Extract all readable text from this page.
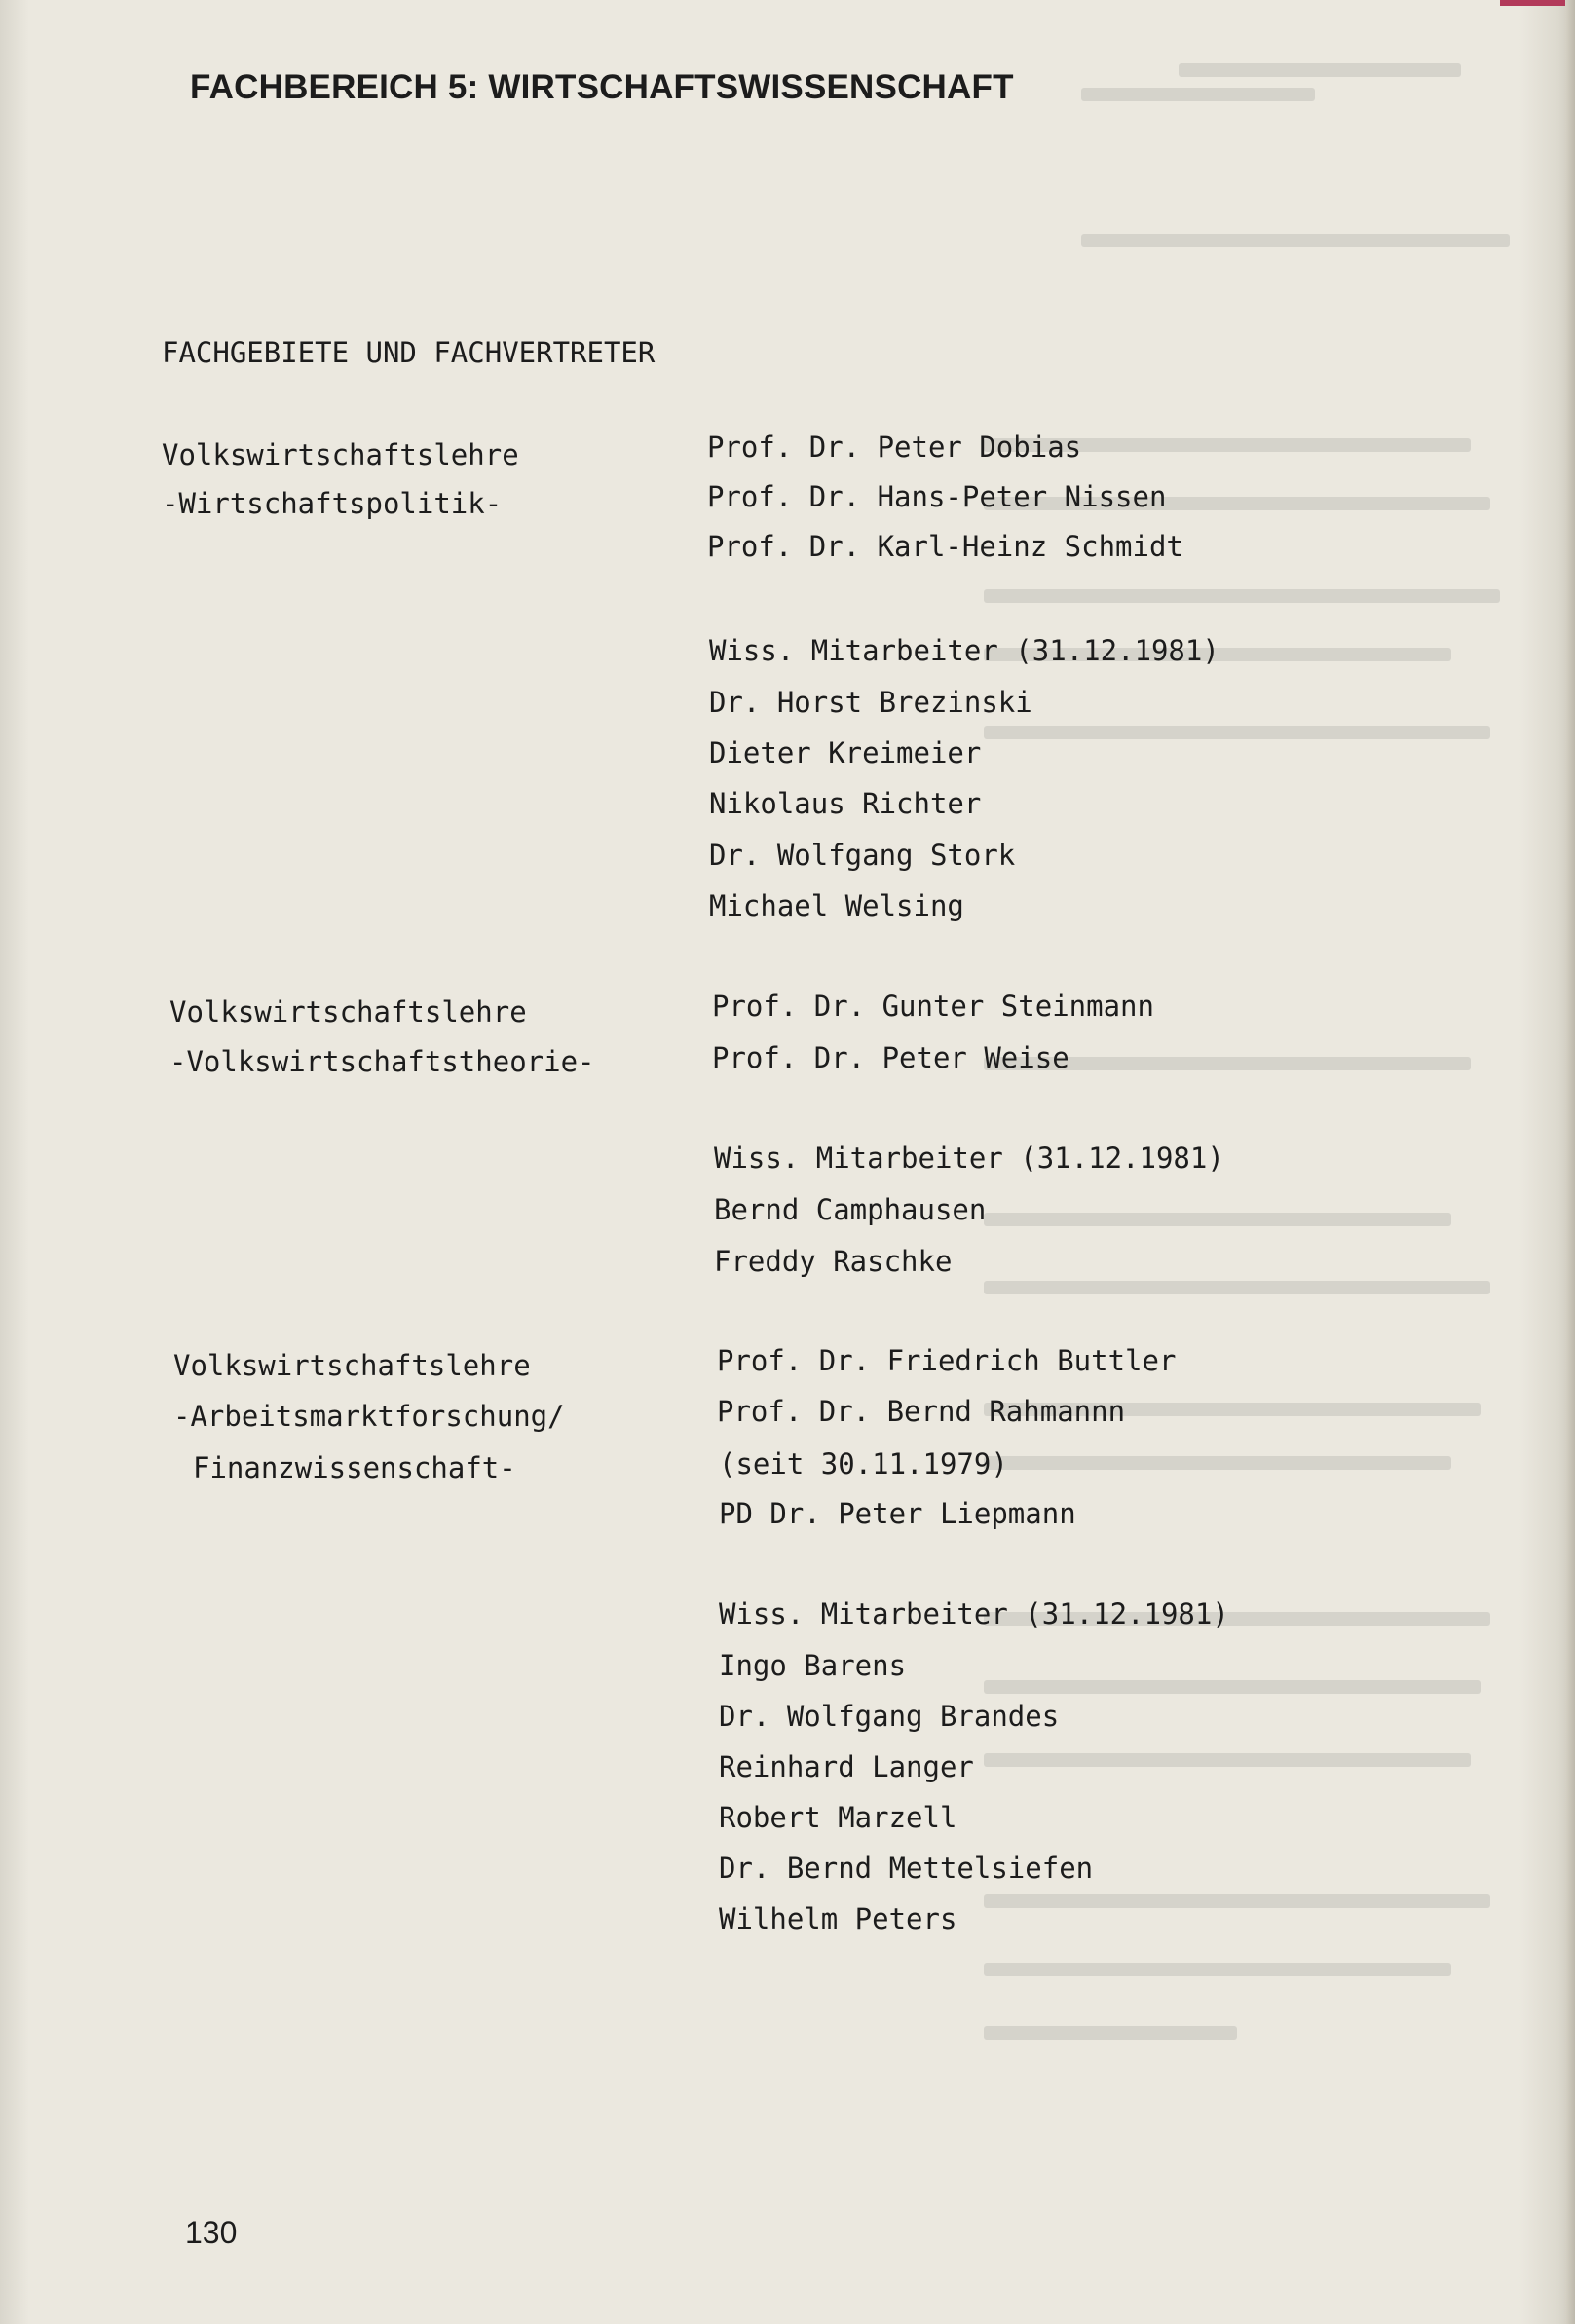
FACHBEREICH 5: WIRTSCHAFTSWISSENSCHAFT
FACHGEBIETE UND FACHVERTRETER
Volkswirtschaftslehre
-Wirtschaftspolitik-
Prof. Dr. Peter Dobias
Prof. Dr. Hans-Peter Nissen
Prof. Dr. Karl-Heinz Schmidt
Wiss. Mitarbeiter (31.12.1981)
Dr. Horst Brezinski
Dieter Kreimeier
Nikolaus Richter
Dr. Wolfgang Stork
Michael Welsing
Volkswirtschaftslehre
-Volkswirtschaftstheorie-
Prof. Dr. Gunter Steinmann
Prof. Dr. Peter Weise
Wiss. Mitarbeiter (31.12.1981)
Bernd Camphausen
Freddy Raschke
Volkswirtschaftslehre
-Arbeitsmarktforschung/
Finanzwissenschaft-
Prof. Dr. Friedrich Buttler
Prof. Dr. Bernd Rahmannn
(seit 30.11.1979)
PD Dr. Peter Liepmann
Wiss. Mitarbeiter (31.12.1981)
Ingo Barens
Dr. Wolfgang Brandes
Reinhard Langer
Robert Marzell
Dr. Bernd Mettelsiefen
Wilhelm Peters
130
